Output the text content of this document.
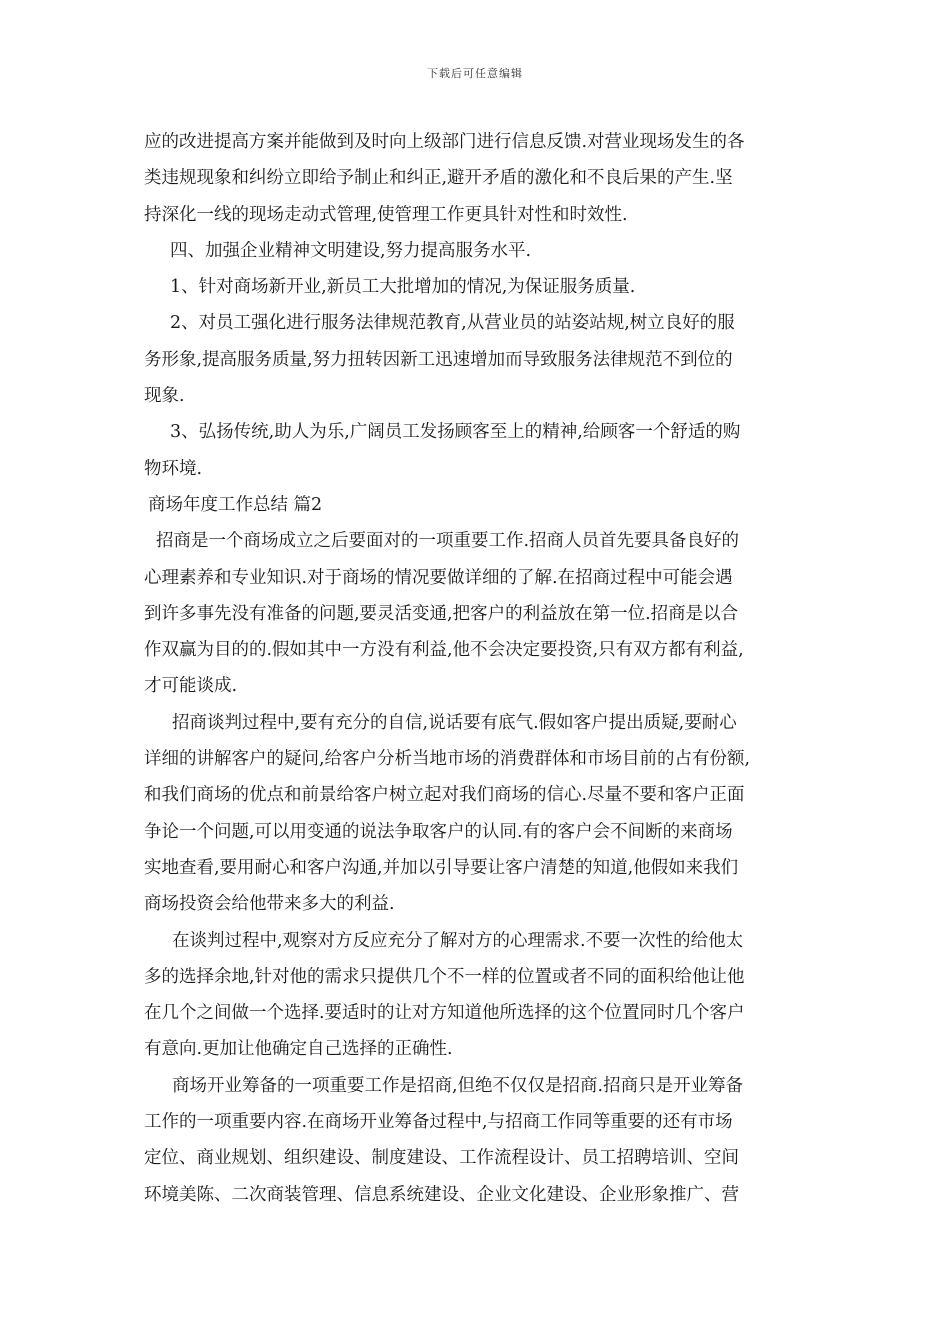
下载后可任意编辑
应的改进提高方案并能做到及时向上级部门进行信息反馈.对营业现场发生的各
类违规现象和纠纷立即给予制止和纠正,避开矛盾的激化和不良后果的产生.坚
持深化一线的现场走动式管理,使管理工作更具针对性和时效性.
四、加强企业精神文明建设,努力提高服务水平.
1、针对商场新开业,新员工大批增加的情况,为保证服务质量.
2、对员工强化进行服务法律规范教育,从营业员的站姿站规,树立良好的服
务形象,提高服务质量,努力扭转因新工迅速增加而导致服务法律规范不到位的
现象.
3、弘扬传统,助人为乐,广阔员工发扬顾客至上的精神,给顾客一个舒适的购
物环境.
商场年度工作总结 篇2
招商是一个商场成立之后要面对的一项重要工作.招商人员首先要具备良好的
心理素养和专业知识.对于商场的情况要做详细的了解.在招商过程中可能会遇
到许多事先没有准备的问题,要灵活变通,把客户的利益放在第一位.招商是以合
作双赢为目的的.假如其中一方没有利益,他不会决定要投资,只有双方都有利益,
才可能谈成.
招商谈判过程中,要有充分的自信,说话要有底气.假如客户提出质疑,要耐心
详细的讲解客户的疑问,给客户分析当地市场的消费群体和市场目前的占有份额,
和我们商场的优点和前景给客户树立起对我们商场的信心.尽量不要和客户正面
争论一个问题,可以用变通的说法争取客户的认同.有的客户会不间断的来商场
实地查看,要用耐心和客户沟通,并加以引导要让客户清楚的知道,他假如来我们
商场投资会给他带来多大的利益.
在谈判过程中,观察对方反应充分了解对方的心理需求.不要一次性的给他太
多的选择余地,针对他的需求只提供几个不一样的位置或者不同的面积给他让他
在几个之间做一个选择.要适时的让对方知道他所选择的这个位置同时几个客户
有意向.更加让他确定自己选择的正确性.
商场开业筹备的一项重要工作是招商,但绝不仅仅是招商.招商只是开业筹备
工作的一项重要内容.在商场开业筹备过程中,与招商工作同等重要的还有市场
定位、商业规划、组织建设、制度建设、工作流程设计、员工招聘培训、空间
环境美陈、二次商装管理、信息系统建设、企业文化建设、企业形象推广、营
